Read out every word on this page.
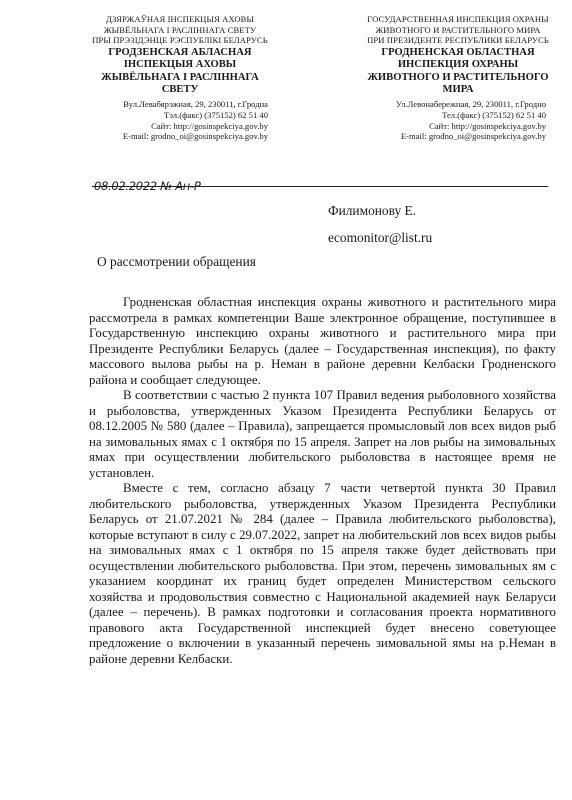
ДЗЯРЖАЎНАЯ ІНСПЕКЦЫЯ АХОВЫ
ЖЫВЁЛЬНАГА І РАСЛІННАГА СВЕТУ
ПРЫ ПРЭЗІДЭНЦЕ РЭСПУБЛІКІ БЕЛАРУСЬ
ГРОДЗЕНСКАЯ АБЛАСНАЯ
ІНСПЕКЦЫЯ АХОВЫ
ЖЫВЁЛЬНАГА І РАСЛІННАГА
СВЕТУ
Вул.Левабярэжная, 29, 230011, г.Гродна
Тэл.(факс) (375152) 62 51 40
Сайт: http://gosinspekciya.gov.by
E-mail: grodno_oi@gosinspekciya.gov.by
ГОСУДАРСТВЕННАЯ ИНСПЕКЦИЯ ОХРАНЫ
ЖИВОТНОГО И РАСТИТЕЛЬНОГО МИРА
ПРИ ПРЕЗИДЕНТЕ РЕСПУБЛИКИ БЕЛАРУСЬ
ГРОДНЕНСКАЯ ОБЛАСТНАЯ
ИНСПЕКЦИЯ ОХРАНЫ
ЖИВОТНОГО И РАСТИТЕЛЬНОГО
МИРА
Ул.Левонабережная, 29, 230011, г.Гродно
Тел.(факс) (375152) 62 51 40
Сайт: http://gosinspekciya.gov.by
E-mail: grodno_oi@gosinspekciya.gov.by
08.02.2022 № Ан-Р
Филимонову Е.
ecomonitor@list.ru
О рассмотрении обращения

Гродненская областная инспекция охраны животного и растительного мира рассмотрела в рамках компетенции Ваше электронное обращение, поступившее в Государственную инспекцию охраны животного и растительного мира при Президенте Республики Беларусь (далее – Государственная инспекция), по факту массового вылова рыбы на р. Неман в районе деревни Келбаски Гродненского района и сообщает следующее.

В соответствии с частью 2 пункта 107 Правил ведения рыболовного хозяйства и рыболовства, утвержденных Указом Президента Республики Беларусь от 08.12.2005 № 580 (далее – Правила), запрещается промысловый лов всех видов рыб на зимовальных ямах с 1 октября по 15 апреля. Запрет на лов рыбы на зимовальных ямах при осуществлении любительского рыболовства в настоящее время не установлен.

Вместе с тем, согласно абзацу 7 части четвертой пункта 30 Правил любительского рыболовства, утвержденных Указом Президента Республики Беларусь от 21.07.2021 № 284 (далее – Правила любительского рыболовства), которые вступают в силу с 29.07.2022, запрет на любительский лов всех видов рыбы на зимовальных ямах с 1 октября по 15 апреля также будет действовать при осуществлении любительского рыболовства. При этом, перечень зимовальных ям с указанием координат их границ будет определен Министерством сельского хозяйства и продовольствия совместно с Национальной академией наук Беларуси (далее – перечень). В рамках подготовки и согласования проекта нормативного правового акта Государственной инспекцией будет внесено советующее предложение о включении в указанный перечень зимовальной ямы на р.Неман в районе деревни Келбаски.
